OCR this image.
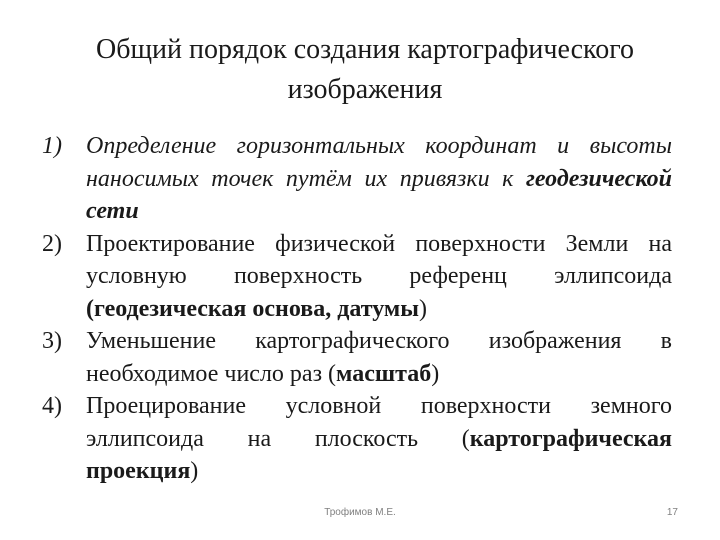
Общий порядок создания картографического
изображения
1) Определение горизонтальных координат и высоты наносимых точек путём их привязки к геодезической сети
2) Проектирование физической поверхности Земли на условную поверхность референц эллипсоида (геодезическая основа, датумы)
3) Уменьшение картографического изображения в необходимое число раз (масштаб)
4) Проецирование условной поверхности земного эллипсоида на плоскость (картографическая проекция)
Трофимов М.Е.	17
